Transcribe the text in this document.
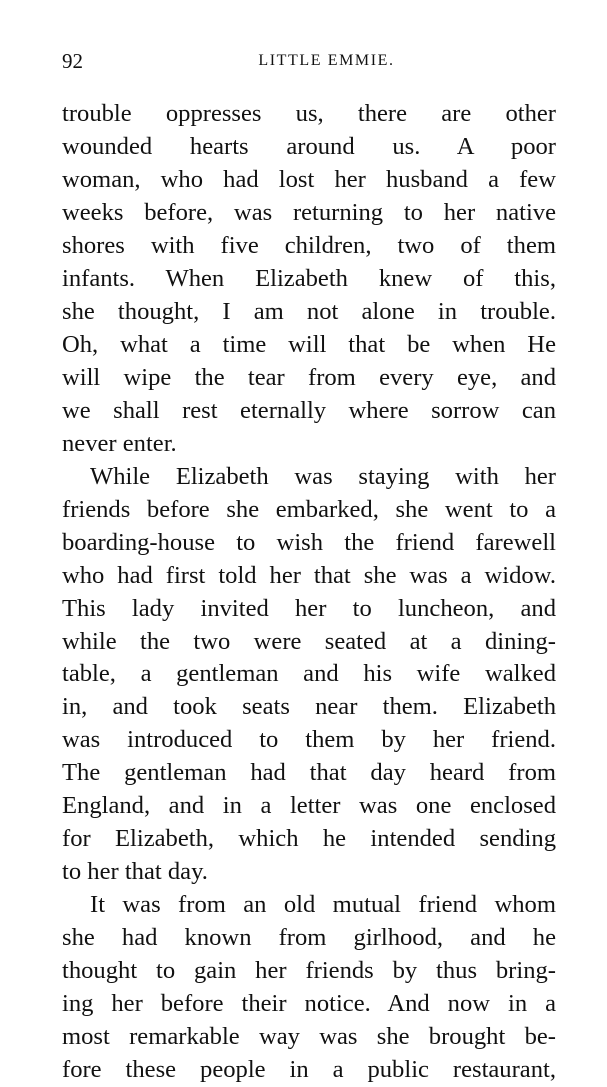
92	LITTLE EMMIE.
trouble oppresses us, there are other
wounded hearts around us. A poor
woman, who had lost her husband a few
weeks before, was returning to her native
shores with five children, two of them
infants. When Elizabeth knew of this,
she thought, I am not alone in trouble.
Oh, what a time will that be when He
will wipe the tear from every eye, and
we shall rest eternally where sorrow can
never enter.
While Elizabeth was staying with her
friends before she embarked, she went to a
boarding-house to wish the friend farewell
who had first told her that she was a widow.
This lady invited her to luncheon, and
while the two were seated at a dining-
table, a gentleman and his wife walked
in, and took seats near them. Elizabeth
was introduced to them by her friend.
The gentleman had that day heard from
England, and in a letter was one enclosed
for Elizabeth, which he intended sending
to her that day.
It was from an old mutual friend whom
she had known from girlhood, and he
thought to gain her friends by thus bring-
ing her before their notice. And now in a
most remarkable way was she brought be-
fore these people in a public restaurant,
